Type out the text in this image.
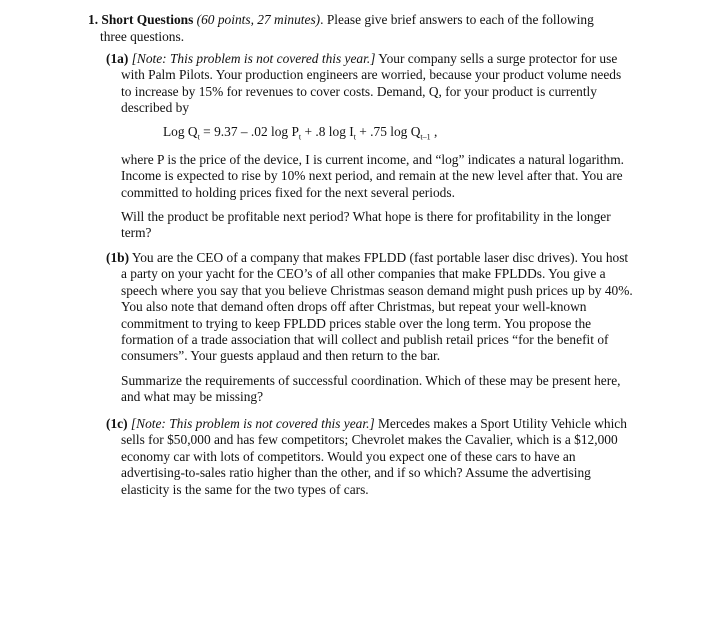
1. Short Questions (60 points, 27 minutes). Please give brief answers to each of the following
three questions.

(1a) [Note: This problem is not covered this year.] Your company sells a surge protector for use with Palm Pilots. Your production engineers are worried, because your product volume needs to increase by 15% for revenues to cover costs. Demand, Q, for your product is currently described by

Log $Q_t = 9.37 - .02$ $\log P_t + .8$ $\log I_t + .75$ $\log Q_{t-1}$ ,

where P is the price of the device, I is current income, and “log” indicates a natural logarithm. Income is expected to rise by 10% next period, and remain at the new level after that. You are committed to holding prices fixed for the next several periods.

Will the product be profitable next period? What hope is there for profitability in the longer term?

(1b) You are the CEO of a company that makes FPLDD (fast portable laser disc drives). You host a party on your yacht for the CEO’s of all other companies that make FPLDDs. You give a speech where you say that you believe Christmas season demand might push prices up by 40%. You also note that demand often drops off after Christmas, but repeat your well-known commitment to trying to keep FPLDD prices stable over the long term. You propose the formation of a trade association that will collect and publish retail prices “for the benefit of consumers”. Your guests applaud and then return to the bar.

Summarize the requirements of successful coordination. Which of these may be present here, and what may be missing?

(1c) [Note: This problem is not covered this year.] Mercedes makes a Sport Utility Vehicle which sells for $50,000 and has few competitors; Chevrolet makes the Cavalier, which is a $12,000 economy car with lots of competitors. Would you expect one of these cars to have an advertising-to-sales ratio higher than the other, and if so which? Assume the advertising elasticity is the same for the two types of cars.
